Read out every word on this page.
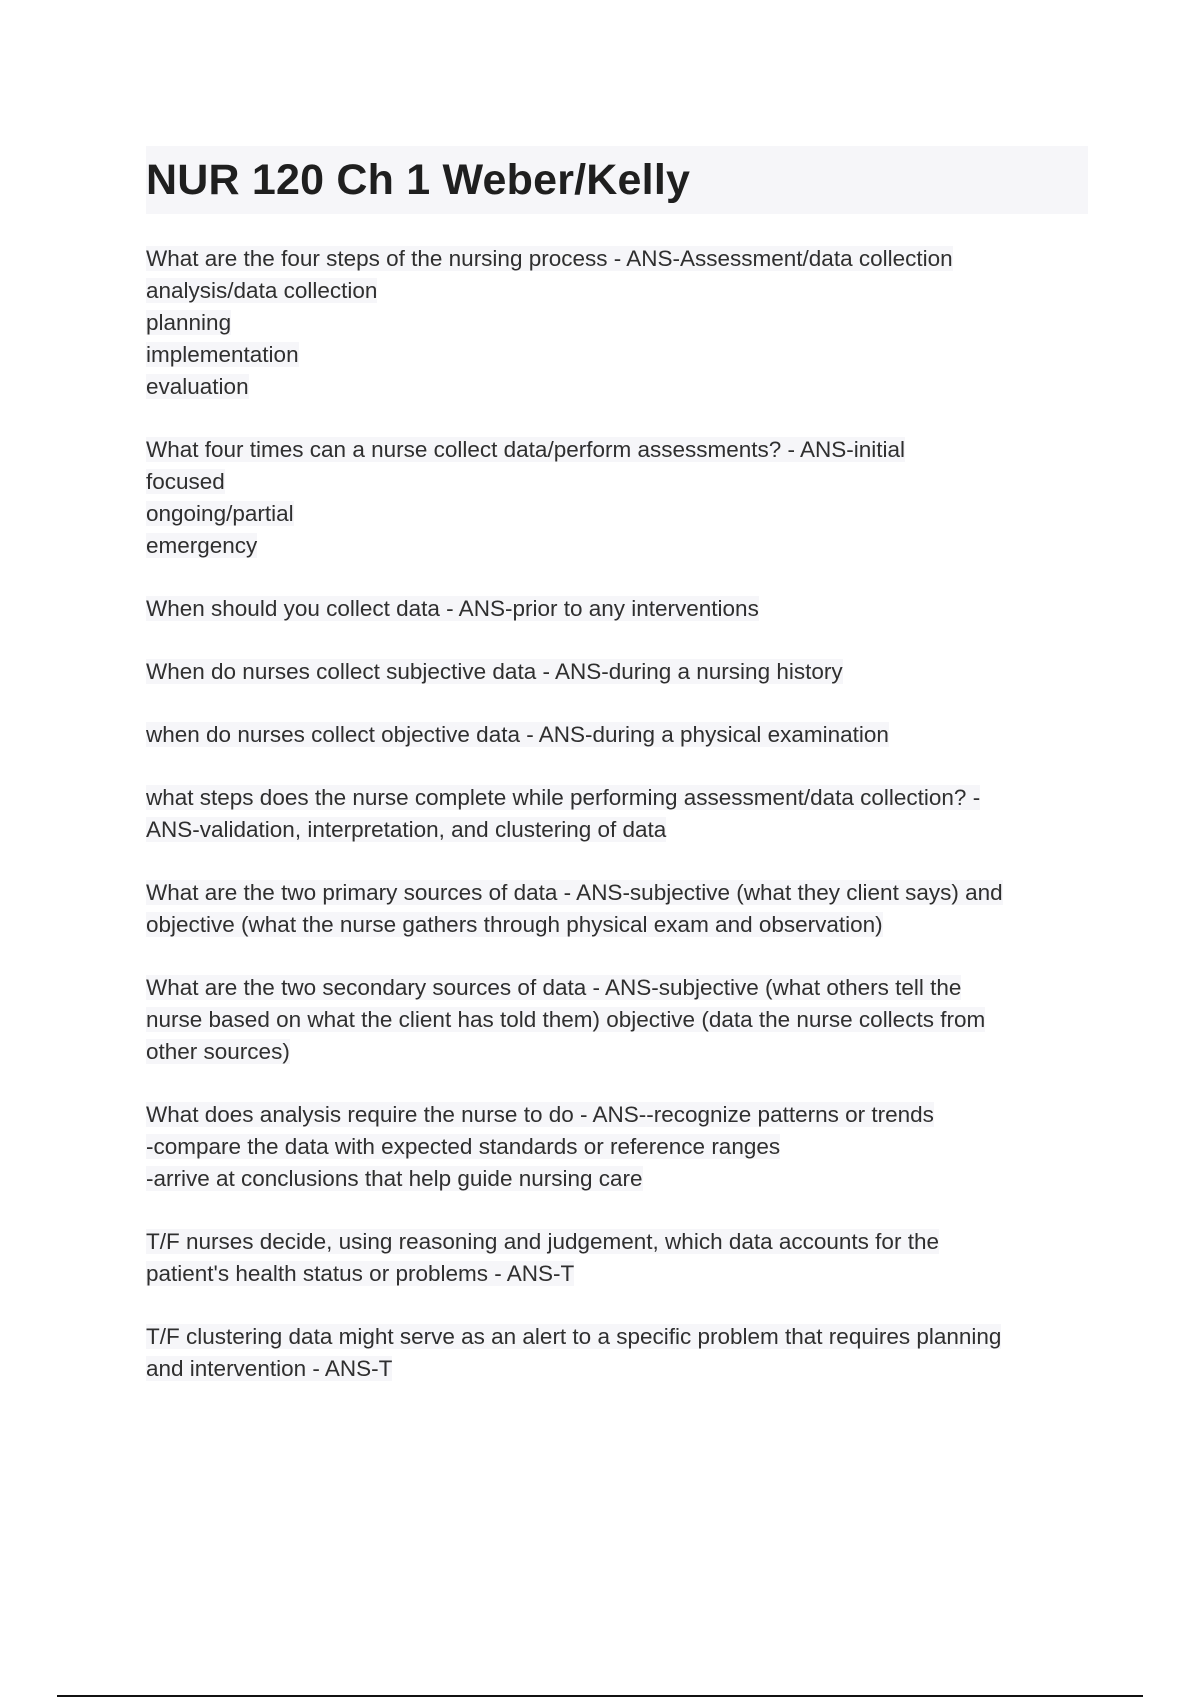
NUR 120 Ch 1 Weber/Kelly
What are the four steps of the nursing process - ANS-Assessment/data collection
analysis/data collection
planning
implementation
evaluation
What four times can a nurse collect data/perform assessments? - ANS-initial
focused
ongoing/partial
emergency
When should you collect data - ANS-prior to any interventions
When do nurses collect subjective data - ANS-during a nursing history
when do nurses collect objective data - ANS-during a physical examination
what steps does the nurse complete while performing assessment/data collection? -
ANS-validation, interpretation, and clustering of data
What are the two primary sources of data - ANS-subjective (what they client says) and
objective (what the nurse gathers through physical exam and observation)
What are the two secondary sources of data - ANS-subjective (what others tell the
nurse based on what the client has told them) objective (data the nurse collects from
other sources)
What does analysis require the nurse to do - ANS--recognize patterns or trends
-compare the data with expected standards or reference ranges
-arrive at conclusions that help guide nursing care
T/F nurses decide, using reasoning and judgement, which data accounts for the
patient's health status or problems - ANS-T
T/F clustering data might serve as an alert to a specific problem that requires planning
and intervention - ANS-T
